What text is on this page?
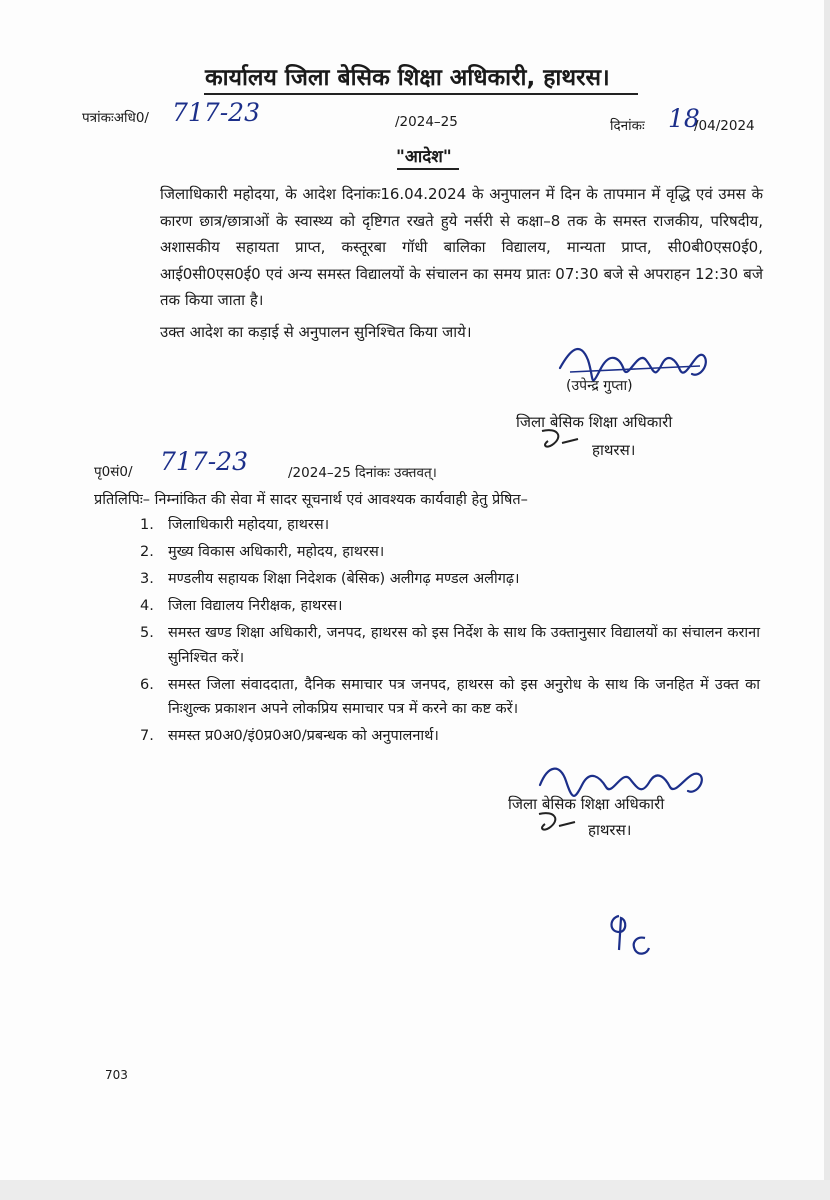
कार्यालय जिला बेसिक शिक्षा अधिकारी, हाथरस।
पत्रांकःअधि0/ 717-23	/2024–25	दिनांकः 18
/04/2024
"आदेश"
जिलाधिकारी महोदया, के आदेश दिनांकः16.04.2024 के अनुपालन में दिन के तापमान में वृद्धि एवं उमस के कारण छात्र/छात्राओं के स्वास्थ्य को दृष्टिगत रखते हुये नर्सरी से कक्षा–8 तक के समस्त राजकीय, परिषदीय, अशासकीय सहायता प्राप्त, कस्तूरबा गॉधी बालिका विद्यालय, मान्यता प्राप्त, सी0बी0एस0ई0, आई0सी0एस0ई0 एवं अन्य समस्त विद्यालयों के संचालन का समय प्रातः 07:30 बजे से अपराहन 12:30 बजे तक किया जाता है।
उक्त आदेश का कड़ाई से अनुपालन सुनिश्चित किया जाये।
(उपेन्द्र गुप्ता)
जिला बेसिक शिक्षा अधिकारी
हाथरस।
पृ0सं0/ 717-23	/2024–25 दिनांकः उक्तवत्।
प्रतिलिपिः– निम्नांकित की सेवा में सादर सूचनार्थ एवं आवश्यक कार्यवाही हेतु प्रेषित–
1. जिलाधिकारी महोदया, हाथरस।
2. मुख्य विकास अधिकारी, महोदय, हाथरस।
3. मण्डलीय सहायक शिक्षा निदेशक (बेसिक) अलीगढ़ मण्डल अलीगढ़।
4. जिला विद्यालय निरीक्षक, हाथरस।
5. समस्त खण्ड शिक्षा अधिकारी, जनपद, हाथरस को इस निर्देश के साथ कि उक्तानुसार विद्यालयों का संचालन कराना सुनिश्चित करें।
6. समस्त जिला संवाददाता, दैनिक समाचार पत्र जनपद, हाथरस को इस अनुरोध के साथ कि जनहित में उक्त का निःशुल्क प्रकाशन अपने लोकप्रिय समाचार पत्र में करने का कष्ट करें।
7. समस्त प्र0अ0/इं0प्र0अ0/प्रबन्धक को अनुपालनार्थ।
जिला बेसिक शिक्षा अधिकारी
हाथरस।
703
